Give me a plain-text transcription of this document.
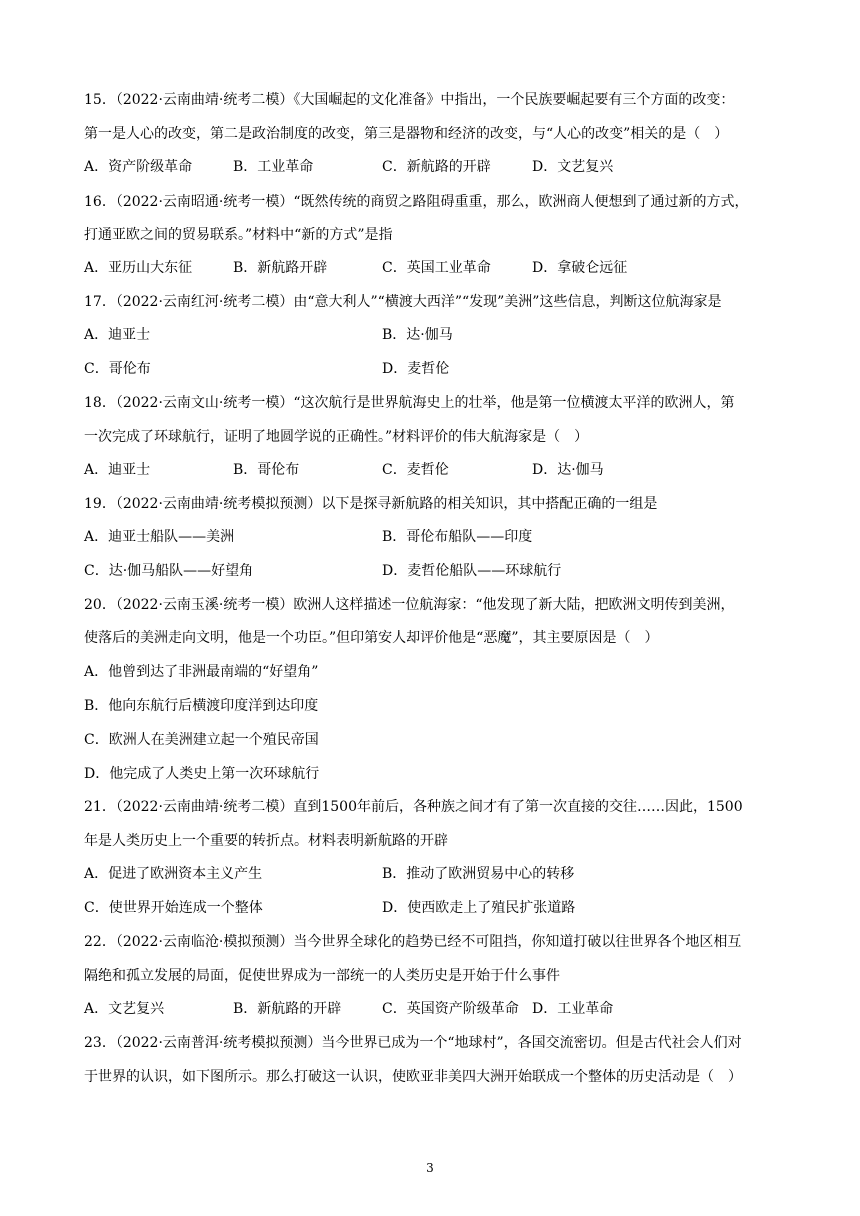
15．（2022·云南曲靖·统考二模）《大国崛起的文化准备》中指出，一个民族要崛起要有三个方面的改变：
第一是人心的改变，第二是政治制度的改变，第三是器物和经济的改变，与“人心的改变”相关的是（　）
A．资产阶级革命	B．工业革命	C．新航路的开辟	D．文艺复兴
16．（2022·云南昭通·统考一模）“既然传统的商贸之路阻碍重重，那么，欧洲商人便想到了通过新的方式，
打通亚欧之间的贸易联系。”材料中“新的方式”是指
A．亚历山大东征	B．新航路开辟	C．英国工业革命	D．拿破仑远征
17．（2022·云南红河·统考二模）由“意大利人”“横渡大西洋”“发现”美洲”这些信息，判断这位航海家是
A．迪亚士	B．达·伽马
C．哥伦布	D．麦哲伦
18．（2022·云南文山·统考一模）“这次航行是世界航海史上的壮举，他是第一位横渡太平洋的欧洲人，第
一次完成了环球航行，证明了地圆学说的正确性。”材料评价的伟大航海家是（　）
A．迪亚士	B．哥伦布	C．麦哲伦	D．达·伽马
19．（2022·云南曲靖·统考模拟预测）以下是探寻新航路的相关知识，其中搭配正确的一组是
A．迪亚士船队——美洲	B．哥伦布船队——印度
C．达·伽马船队——好望角	D．麦哲伦船队——环球航行
20．（2022·云南玉溪·统考一模）欧洲人这样描述一位航海家：“他发现了新大陆，把欧洲文明传到美洲，
使落后的美洲走向文明，他是一个功臣。”但印第安人却评价他是“恶魔”，其主要原因是（　）
A．他曾到达了非洲最南端的“好望角”
B．他向东航行后横渡印度洋到达印度
C．欧洲人在美洲建立起一个殖民帝国
D．他完成了人类史上第一次环球航行
21．（2022·云南曲靖·统考二模）直到1500年前后，各种族之间才有了第一次直接的交往……因此，1500
年是人类历史上一个重要的转折点。材料表明新航路的开辟
A．促进了欧洲资本主义产生	B．推动了欧洲贸易中心的转移
C．使世界开始连成一个整体	D．使西欧走上了殖民扩张道路
22．（2022·云南临沧·模拟预测）当今世界全球化的趋势已经不可阻挡，你知道打破以往世界各个地区相互
隔绝和孤立发展的局面，促使世界成为一部统一的人类历史是开始于什么事件
A．文艺复兴	B．新航路的开辟	C．英国资产阶级革命 D．工业革命
23．（2022·云南普洱·统考模拟预测）当今世界已成为一个“地球村”，各国交流密切。但是古代社会人们对
于世界的认识，如下图所示。那么打破这一认识，使欧亚非美四大洲开始联成一个整体的历史活动是（　）
3
